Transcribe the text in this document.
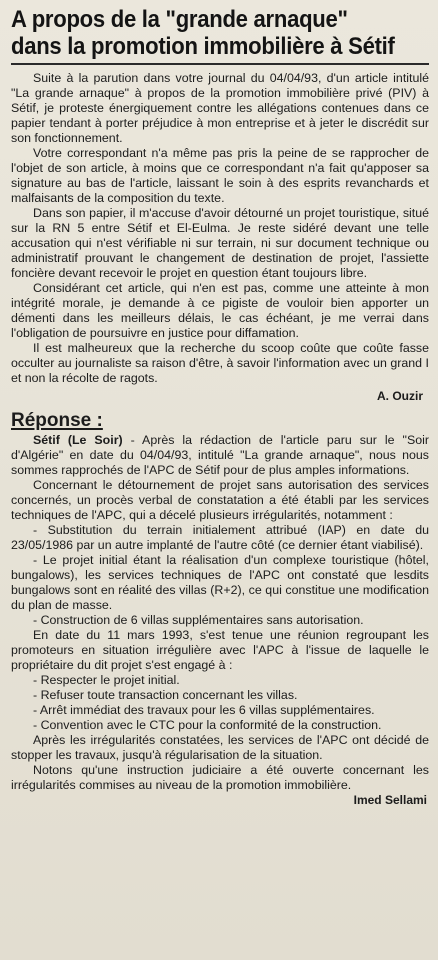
A propos de la "grande arnaque"
dans la promotion immobilière à Sétif

Suite à la parution dans votre journal du 04/04/93, d'un article intitulé "La grande arnaque" à propos de la promotion immobilière privé (PIV) à Sétif, je proteste énergiquement contre les allégations contenues dans ce papier tendant à porter préjudice à mon entreprise et à jeter le discrédit sur son fonctionnement.

Votre correspondant n'a même pas pris la peine de se rapprocher de l'objet de son article, à moins que ce correspondant n'a fait qu'apposer sa signature au bas de l'article, laissant le soin à des esprits revanchards et malfaisants de la composition du texte.

Dans son papier, il m'accuse d'avoir détourné un projet touristique, situé sur la RN 5 entre Sétif et El-Eulma. Je reste sidéré devant une telle accusation qui n'est vérifiable ni sur terrain, ni sur document technique ou administratif prouvant le changement de destination de projet, l'assiette foncière devant recevoir le projet en question étant toujours libre.

Considérant cet article, qui n'en est pas, comme une atteinte à mon intégrité morale, je demande à ce pigiste de vouloir bien apporter un démenti dans les meilleurs délais, le cas échéant, je me verrai dans l'obligation de poursuivre en justice pour diffamation.

Il est malheureux que la recherche du scoop coûte que coûte fasse occulter au journaliste sa raison d'être, à savoir l'information avec un grand I et non la récolte de ragots.

A. Ouzir
Réponse :

Sétif (Le Soir) - Après la rédaction de l'article paru sur le "Soir d'Algérie" en date du 04/04/93, intitulé "La grande arnaque", nous nous sommes rapprochés de l'APC de Sétif pour de plus amples informations.

Concernant le détournement de projet sans autorisation des services concernés, un procès verbal de constatation a été établi par les services techniques de l'APC, qui a décelé plusieurs irrégularités, notamment :

- Substitution du terrain initialement attribué (IAP) en date du 23/05/1986 par un autre implanté de l'autre côté (ce dernier étant viabilisé).

- Le projet initial étant la réalisation d'un complexe touristique (hôtel, bungalows), les services techniques de l'APC ont constaté que lesdits bungalows sont en réalité des villas (R+2), ce qui constitue une modification du plan de masse.

- Construction de 6 villas supplémentaires sans autorisation.

En date du 11 mars 1993, s'est tenue une réunion regroupant les promoteurs en situation irrégulière avec l'APC à l'issue de laquelle le propriétaire du dit projet s'est engagé à :

- Respecter le projet initial.

- Refuser toute transaction concernant les villas.

- Arrêt immédiat des travaux pour les 6 villas supplémentaires.

- Convention avec le CTC pour la conformité de la construction.

Après les irrégularités constatées, les services de l'APC ont décidé de stopper les travaux, jusqu'à régularisation de la situation.

Notons qu'une instruction judiciaire a été ouverte concernant les irrégularités commises au niveau de la promotion immobilière.

Imed Sellami
